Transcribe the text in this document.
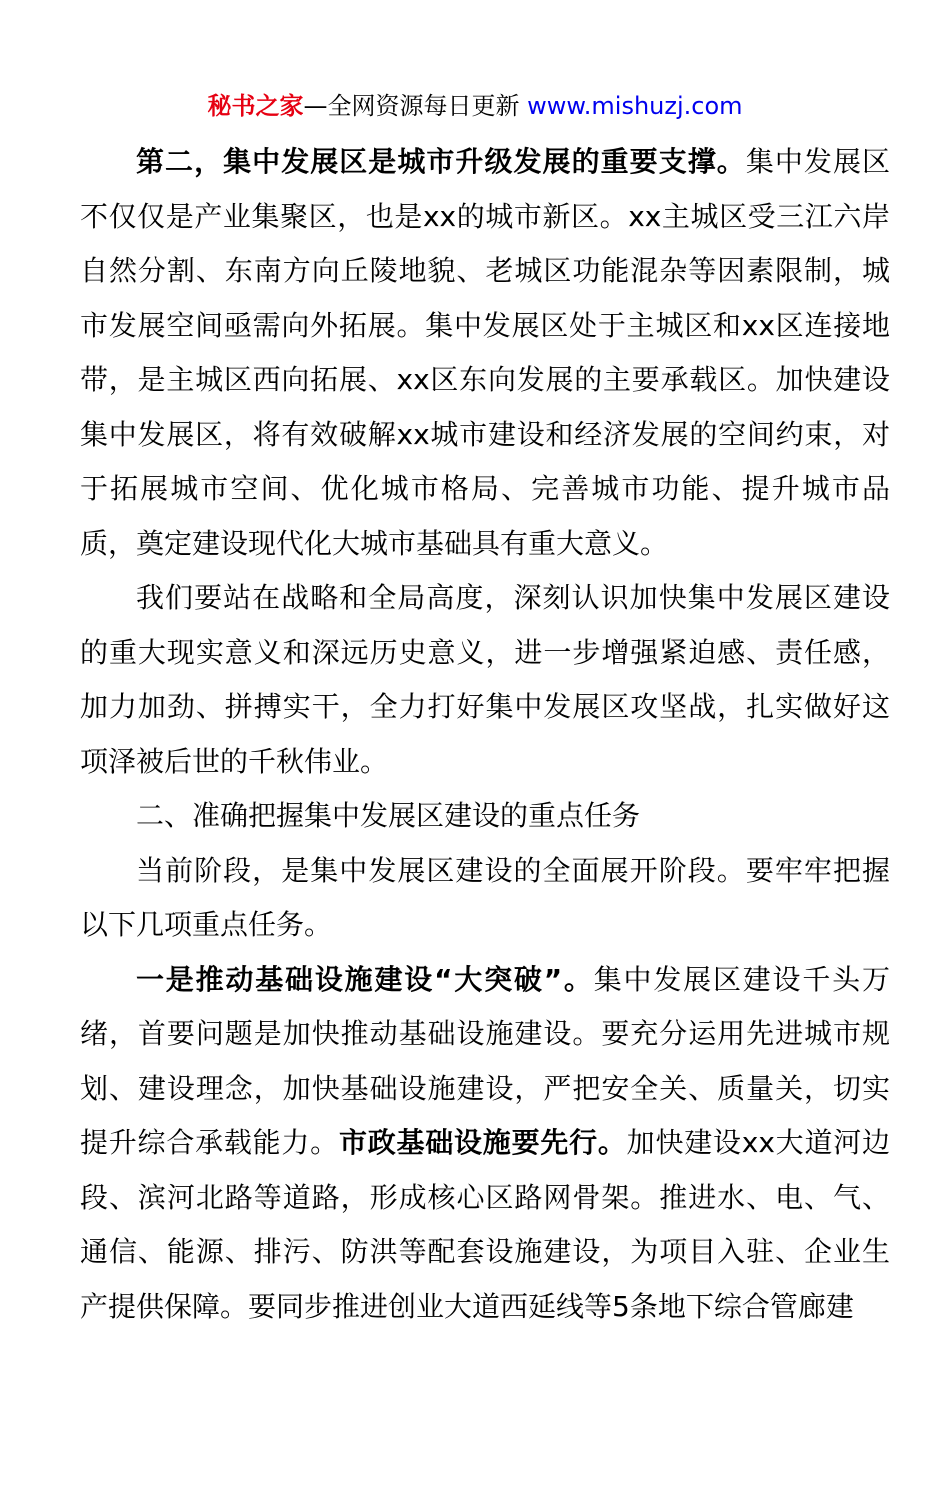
秘书之家—全网资源每日更新 www.mishuzj.com

第二，集中发展区是城市升级发展的重要支撑。集中发展区不仅仅是产业集聚区，也是xx的城市新区。xx主城区受三江六岸自然分割、东南方向丘陵地貌、老城区功能混杂等因素限制，城市发展空间亟需向外拓展。集中发展区处于主城区和xx区连接地带，是主城区西向拓展、xx区东向发展的主要承载区。加快建设集中发展区，将有效破解xx城市建设和经济发展的空间约束，对于拓展城市空间、优化城市格局、完善城市功能、提升城市品质，奠定建设现代化大城市基础具有重大意义。

我们要站在战略和全局高度，深刻认识加快集中发展区建设的重大现实意义和深远历史意义，进一步增强紧迫感、责任感，加力加劲、拼搏实干，全力打好集中发展区攻坚战，扎实做好这项泽被后世的千秋伟业。

二、准确把握集中发展区建设的重点任务

当前阶段，是集中发展区建设的全面展开阶段。要牢牢把握以下几项重点任务。

一是推动基础设施建设“大突破”。集中发展区建设千头万绪，首要问题是加快推动基础设施建设。要充分运用先进城市规划、建设理念，加快基础设施建设，严把安全关、质量关，切实提升综合承载能力。市政基础设施要先行。加快建设xx大道河边段、滨河北路等道路，形成核心区路网骨架。推进水、电、气、通信、能源、排污、防洪等配套设施建设，为项目入驻、企业生产提供保障。要同步推进创业大道西延线等5条地下综合管廊建
